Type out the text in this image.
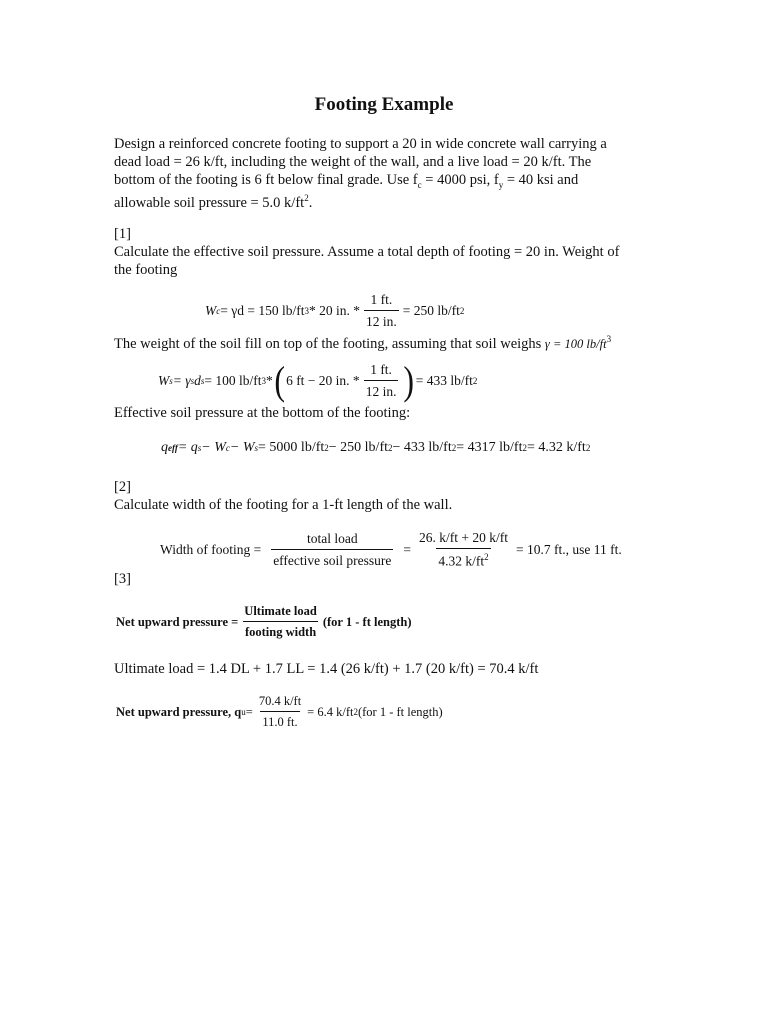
Footing Example
Design a reinforced concrete footing to support a 20 in wide concrete wall carrying a
dead load = 26 k/ft, including the weight of the wall, and a live load = 20 k/ft. The
bottom of the footing is 6 ft below final grade. Use $f_c = 4000$ psi, $f_y = 40$ ksi and
allowable soil pressure = 5.0 $k/ft^2$.
[1]
Calculate the effective soil pressure. Assume a total depth of footing = 20 in. Weight of
the footing
W c = γd = 150 lb/ft 3 * 20 in. * $\frac{1 ft.}{12 in.} = 250$ lb/ft 2
The weight of the soil fill on top of the footing, assuming that soil weighs γ = 100 $lb/ft^3$
W s = γ s d s = 100 lb/ft 3 * ( 6 ft − 20 in. * $\frac{1 ft.}{12 in.}$ ) = 433 lb/ft 2
Effective soil pressure at the bottom of the footing:
q eff = q s − W c − W s = 5000 lb/ft 2 − 250 lb/ft 2 − 433 lb/ft 2 = 4317 lb/ft 2 = 4.32 k/ft 2
[2]
Calculate width of the footing for a 1-ft length of the wall.
Width of footing = $\frac{\text{total load}}{\text{effective soil pressure}} = \frac{26. k/ft + 20 k/ft}{4.32 k/ft^2} = 10.7$ ft., use 11 ft.
[3]
Net upward pressure = $\frac{\text{Ultimate load}}{\text{footing width}} (for$ 1 - ft length)
Ultimate load = 1.4 DL + 1.7 LL = 1.4 (26 k/ft) + 1.7 (20 k/ft) = 70.4 k/ft
Net upward pressure, q $u = \frac{70.4 k/ft}{11.0 ft.} = 6.4$ k/ft 2 (for 1 - ft length)
